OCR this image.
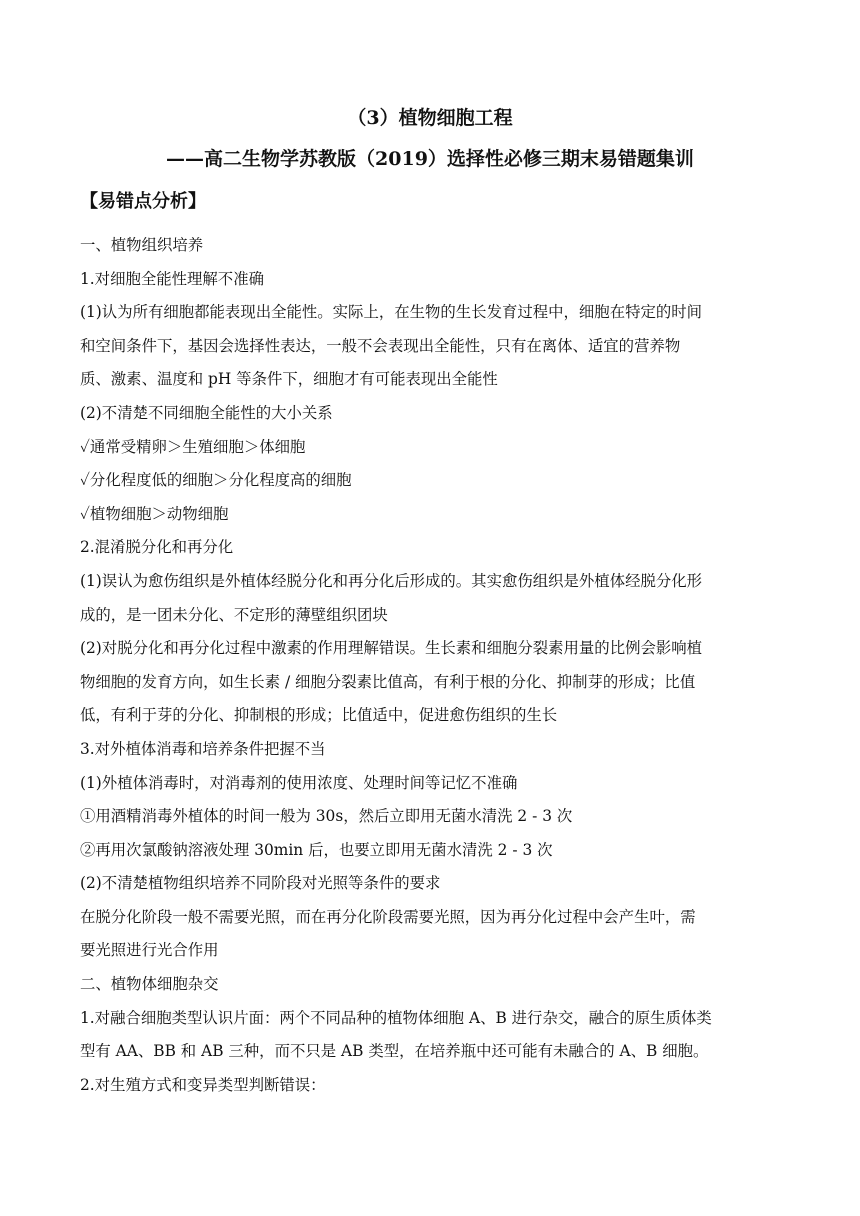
（3）植物细胞工程
——高二生物学苏教版（2019）选择性必修三期末易错题集训
【易错点分析】
一、植物组织培养
1.对细胞全能性理解不准确
(1)认为所有细胞都能表现出全能性。实际上，在生物的生长发育过程中，细胞在特定的时间
和空间条件下，基因会选择性表达，一般不会表现出全能性，只有在离体、适宜的营养物
质、激素、温度和 pH 等条件下，细胞才有可能表现出全能性
(2)不清楚不同细胞全能性的大小关系
✓通常受精卵＞生殖细胞＞体细胞
✓分化程度低的细胞＞分化程度高的细胞
✓植物细胞＞动物细胞
2.混淆脱分化和再分化
(1)误认为愈伤组织是外植体经脱分化和再分化后形成的。其实愈伤组织是外植体经脱分化形
成的，是一团未分化、不定形的薄壁组织团块
(2)对脱分化和再分化过程中激素的作用理解错误。生长素和细胞分裂素用量的比例会影响植
物细胞的发育方向，如生长素 / 细胞分裂素比值高，有利于根的分化、抑制芽的形成；比值
低，有利于芽的分化、抑制根的形成；比值适中，促进愈伤组织的生长
3.对外植体消毒和培养条件把握不当
(1)外植体消毒时，对消毒剂的使用浓度、处理时间等记忆不准确
①用酒精消毒外植体的时间一般为 30s，然后立即用无菌水清洗 2 - 3 次
②再用次氯酸钠溶液处理 30min 后，也要立即用无菌水清洗 2 - 3 次
(2)不清楚植物组织培养不同阶段对光照等条件的要求
在脱分化阶段一般不需要光照，而在再分化阶段需要光照，因为再分化过程中会产生叶，需
要光照进行光合作用
二、植物体细胞杂交
1.对融合细胞类型认识片面：两个不同品种的植物体细胞 A、B 进行杂交，融合的原生质体类
型有 AA、BB 和 AB 三种，而不只是 AB 类型，在培养瓶中还可能有未融合的 A、B 细胞。
2.对生殖方式和变异类型判断错误：
